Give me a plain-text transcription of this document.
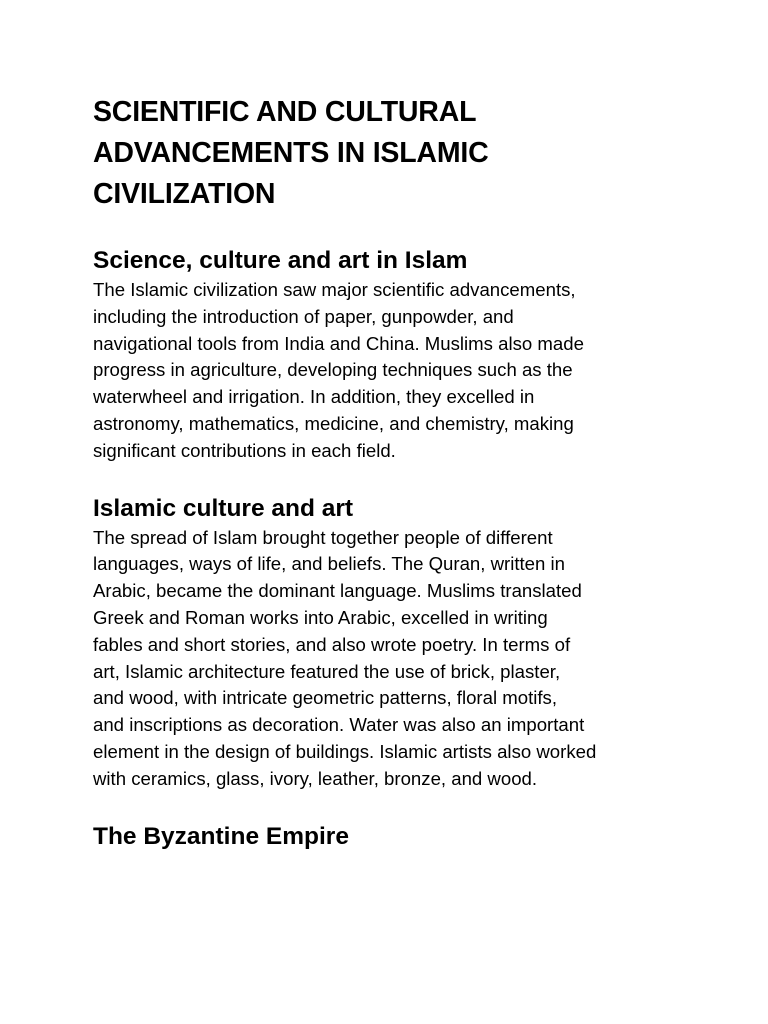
SCIENTIFIC AND CULTURAL
ADVANCEMENTS IN ISLAMIC
CIVILIZATION
Science, culture and art in Islam

The Islamic civilization saw major scientific advancements,
including the introduction of paper, gunpowder, and
navigational tools from India and China. Muslims also made
progress in agriculture, developing techniques such as the
waterwheel and irrigation. In addition, they excelled in
astronomy, mathematics, medicine, and chemistry, making
significant contributions in each field.

Islamic culture and art

The spread of Islam brought together people of different
languages, ways of life, and beliefs. The Quran, written in
Arabic, became the dominant language. Muslims translated
Greek and Roman works into Arabic, excelled in writing
fables and short stories, and also wrote poetry. In terms of
art, Islamic architecture featured the use of brick, plaster,
and wood, with intricate geometric patterns, floral motifs,
and inscriptions as decoration. Water was also an important
element in the design of buildings. Islamic artists also worked
with ceramics, glass, ivory, leather, bronze, and wood.

The Byzantine Empire
